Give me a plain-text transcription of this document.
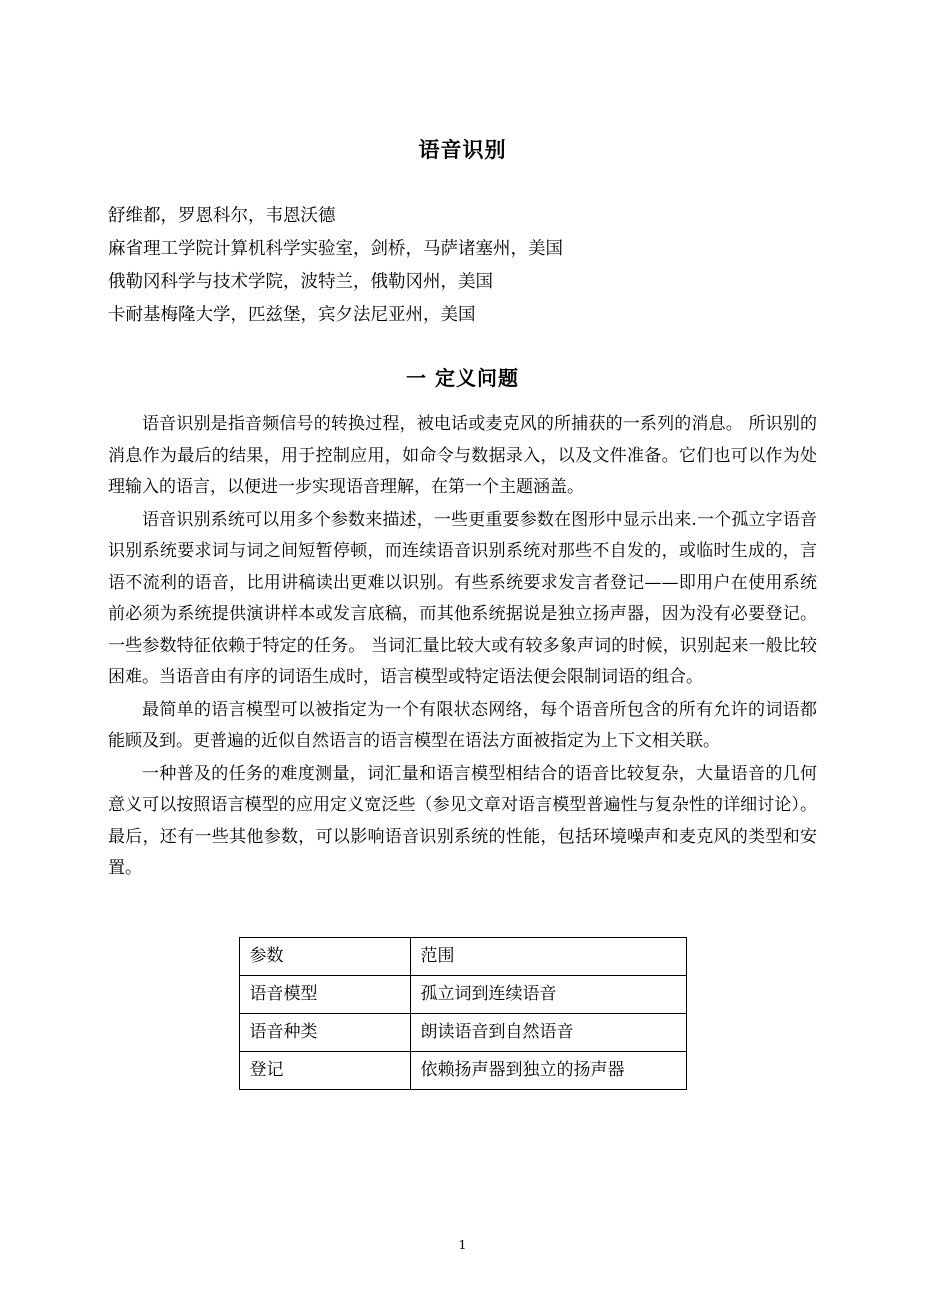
语音识别
舒维都，罗恩科尔，韦恩沃德
麻省理工学院计算机科学实验室，剑桥，马萨诸塞州，美国
俄勒冈科学与技术学院，波特兰，俄勒冈州，美国
卡耐基梅隆大学，匹兹堡，宾夕法尼亚州，美国
一 定义问题

语音识别是指音频信号的转换过程，被电话或麦克风的所捕获的一系列的消息。 所识别的消息作为最后的结果，用于控制应用，如命令与数据录入，以及文件准备。它们也可以作为处理输入的语言，以便进一步实现语音理解，在第一个主题涵盖。

语音识别系统可以用多个参数来描述，一些更重要参数在图形中显示出来.一个孤立字语音识别系统要求词与词之间短暂停顿，而连续语音识别系统对那些不自发的，或临时生成的，言语不流利的语音，比用讲稿读出更难以识别。有些系统要求发言者登记——即用户在使用系统前必须为系统提供演讲样本或发言底稿，而其他系统据说是独立扬声器，因为没有必要登记。一些参数特征依赖于特定的任务。 当词汇量比较大或有较多象声词的时候，识别起来一般比较困难。当语音由有序的词语生成时，语言模型或特定语法便会限制词语的组合。

最简单的语言模型可以被指定为一个有限状态网络，每个语音所包含的所有允许的词语都能顾及到。更普遍的近似自然语言的语言模型在语法方面被指定为上下文相关联。

一种普及的任务的难度测量，词汇量和语言模型相结合的语音比较复杂，大量语音的几何意义可以按照语言模型的应用定义宽泛些（参见文章对语言模型普遍性与复杂性的详细讨论）。最后，还有一些其他参数，可以影响语音识别系统的性能，包括环境噪声和麦克风的类型和安置。

参数	范围
语音模型	孤立词到连续语音
语音种类	朗读语音到自然语音
登记	依赖扬声器到独立的扬声器
1
